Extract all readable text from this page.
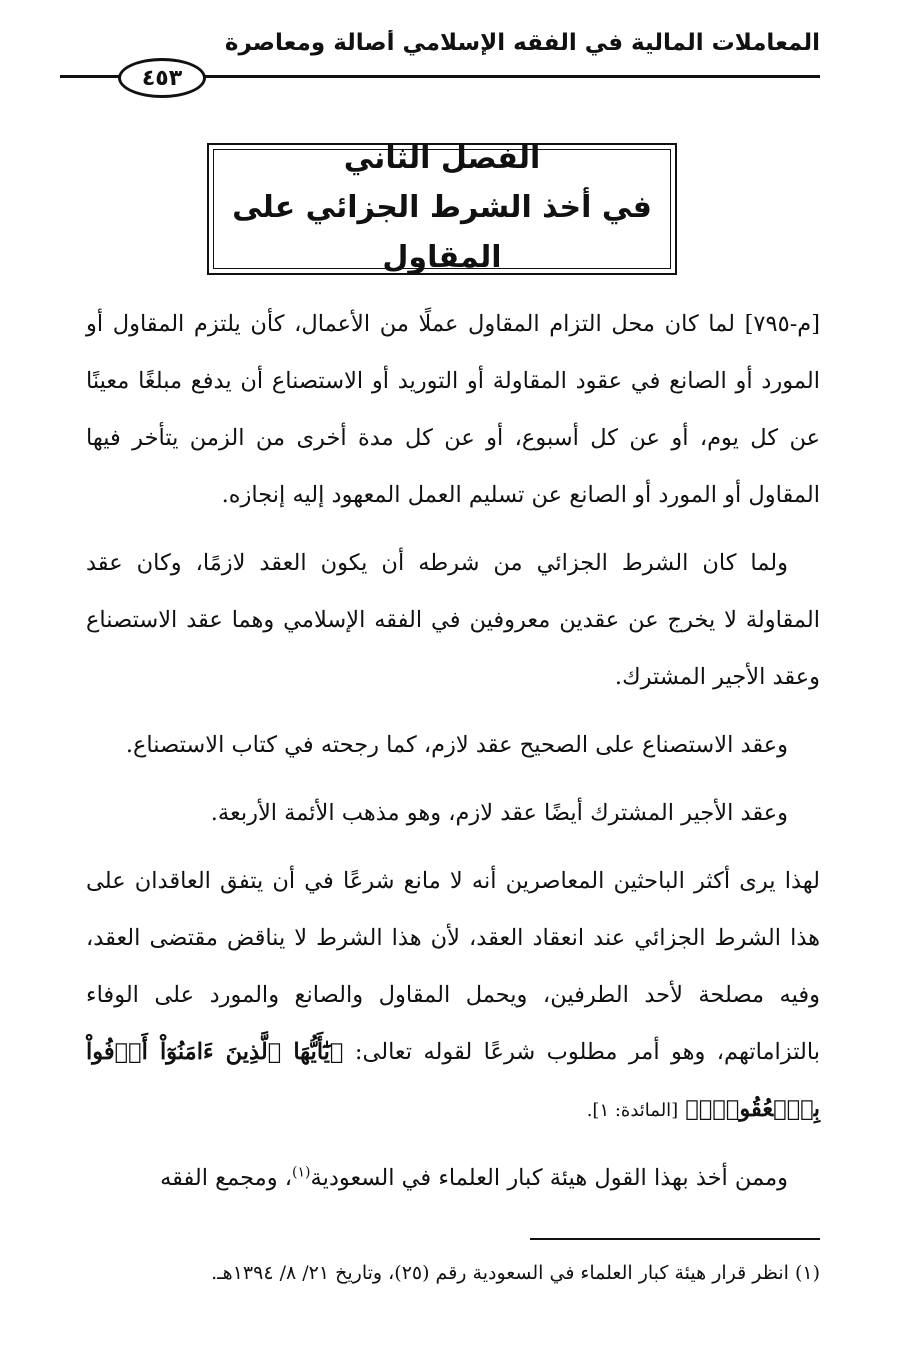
المعاملات المالية في الفقه الإسلامي أصالة ومعاصرة
٤٥٣
الفصل الثاني
في أخذ الشرط الجزائي على المقاول

[م-٧٩٥] لما كان محل التزام المقاول عملًا من الأعمال، كأن يلتزم المقاول أو المورد أو الصانع في عقود المقاولة أو التوريد أو الاستصناع أن يدفع مبلغًا معينًا عن كل يوم، أو عن كل أسبوع، أو عن كل مدة أخرى من الزمن يتأخر فيها المقاول أو المورد أو الصانع عن تسليم العمل المعهود إليه إنجازه.

ولما كان الشرط الجزائي من شرطه أن يكون العقد لازمًا، وكان عقد المقاولة لا يخرج عن عقدين معروفين في الفقه الإسلامي وهما عقد الاستصناع وعقد الأجير المشترك.

وعقد الاستصناع على الصحيح عقد لازم، كما رجحته في كتاب الاستصناع.

وعقد الأجير المشترك أيضًا عقد لازم، وهو مذهب الأئمة الأربعة.

لهذا يرى أكثر الباحثين المعاصرين أنه لا مانع شرعًا في أن يتفق العاقدان على هذا الشرط الجزائي عند انعقاد العقد، لأن هذا الشرط لا يناقض مقتضى العقد، وفيه مصلحة لأحد الطرفين، ويحمل المقاول والصانع والمورد على الوفاء بالتزاماتهم، وهو أمر مطلوب شرعًا لقوله تعالى: ﴿يَٰٓأَيُّهَا ٱلَّذِينَ ءَامَنُوٓاْ أَوۡفُواْ بِٱلۡعُقُودِۚ﴾ [المائدة: ١].

وممن أخذ بهذا القول هيئة كبار العلماء في السعودية$^{(١)}$، ومجمع الفقه

(١) انظر قرار هيئة كبار العلماء في السعودية رقم (٢٥)، وتاريخ ٢١/ ٨/ ١٣٩٤هـ.
